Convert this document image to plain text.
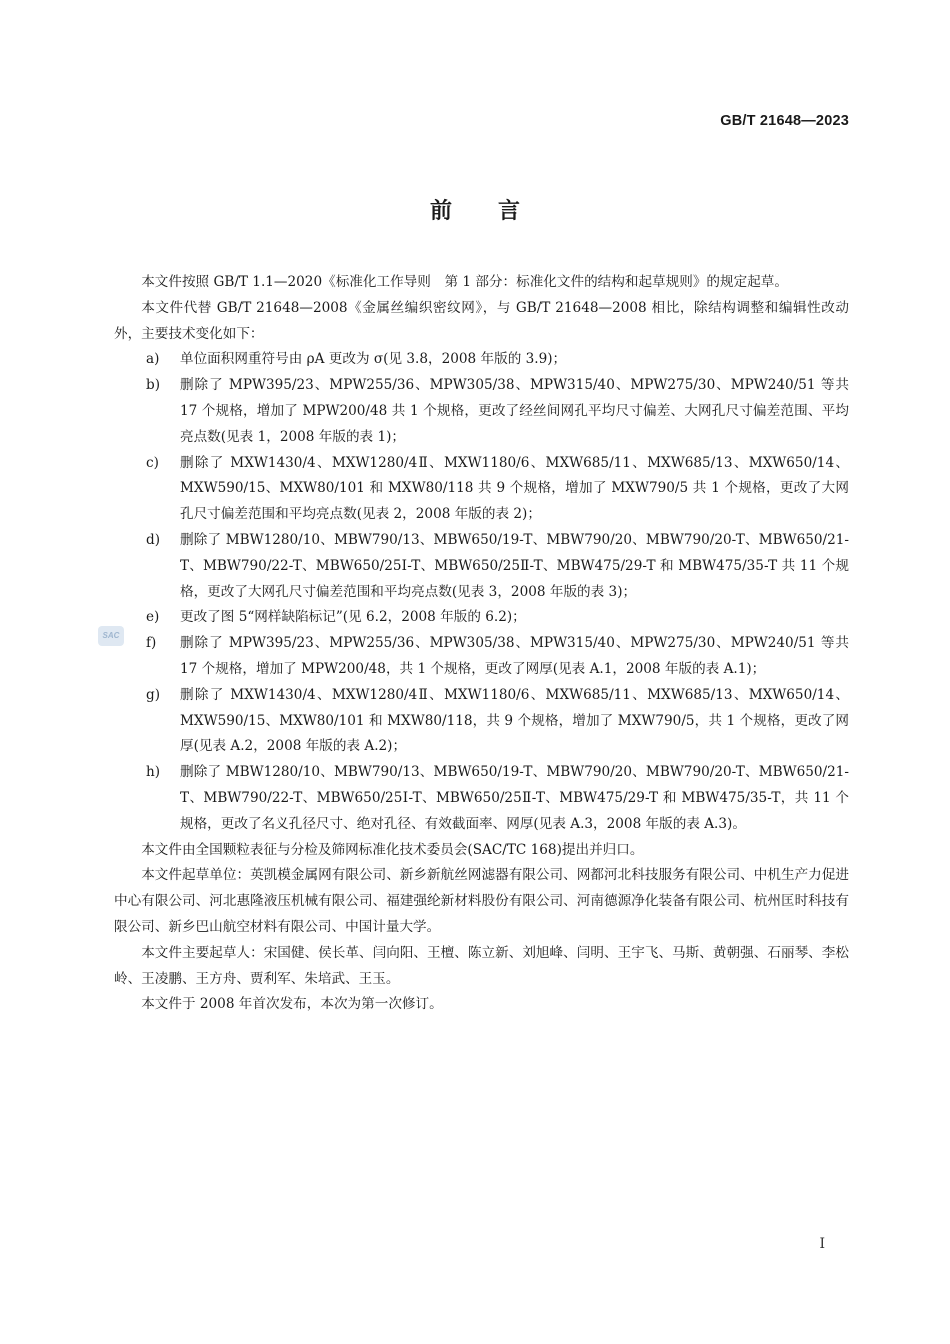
GB/T 21648—2023
前言
SAC

本文件按照 GB/T 1.1—2020《标准化工作导则　第 1 部分：标准化文件的结构和起草规则》的规定起草。

本文件代替 GB/T 21648—2008《金属丝编织密纹网》，与 GB/T 21648—2008 相比，除结构调整和编辑性改动外，主要技术变化如下：

a)	单位面积网重符号由 ρA 更改为 σ(见 3.8，2008 年版的 3.9)；
b)	删除了 MPW395/23、MPW255/36、MPW305/38、MPW315/40、MPW275/30、MPW240/51 等共 17 个规格，增加了 MPW200/48 共 1 个规格，更改了经丝间网孔平均尺寸偏差、大网孔尺寸偏差范围、平均亮点数(见表 1，2008 年版的表 1)；
c)	删除了 MXW1430/4、MXW1280/4Ⅱ、MXW1180/6、MXW685/11、MXW685/13、MXW650/14、MXW590/15、MXW80/101 和 MXW80/118 共 9 个规格，增加了 MXW790/5 共 1 个规格，更改了大网孔尺寸偏差范围和平均亮点数(见表 2，2008 年版的表 2)；
d)	删除了 MBW1280/10、MBW790/13、MBW650/19-T、MBW790/20、MBW790/20-T、MBW650/21-T、MBW790/22-T、MBW650/25Ⅰ-T、MBW650/25Ⅱ-T、MBW475/29-T 和 MBW475/35-T 共 11 个规格，更改了大网孔尺寸偏差范围和平均亮点数(见表 3，2008 年版的表 3)；
e)	更改了图 5“网样缺陷标记”(见 6.2，2008 年版的 6.2)；
f)	删除了 MPW395/23、MPW255/36、MPW305/38、MPW315/40、MPW275/30、MPW240/51 等共 17 个规格，增加了 MPW200/48，共 1 个规格，更改了网厚(见表 A.1，2008 年版的表 A.1)；
g)	删除了 MXW1430/4、MXW1280/4Ⅱ、MXW1180/6、MXW685/11、MXW685/13、MXW650/14、MXW590/15、MXW80/101 和 MXW80/118，共 9 个规格，增加了 MXW790/5，共 1 个规格，更改了网厚(见表 A.2，2008 年版的表 A.2)；
h)	删除了 MBW1280/10、MBW790/13、MBW650/19-T、MBW790/20、MBW790/20-T、MBW650/21-T、MBW790/22-T、MBW650/25Ⅰ-T、MBW650/25Ⅱ-T、MBW475/29-T 和 MBW475/35-T，共 11 个规格，更改了名义孔径尺寸、绝对孔径、有效截面率、网厚(见表 A.3，2008 年版的表 A.3)。

本文件由全国颗粒表征与分检及筛网标准化技术委员会(SAC/TC 168)提出并归口。

本文件起草单位：英凯模金属网有限公司、新乡新航丝网滤器有限公司、网都河北科技服务有限公司、中机生产力促进中心有限公司、河北惠隆液压机械有限公司、福建强纶新材料股份有限公司、河南德源净化装备有限公司、杭州匡时科技有限公司、新乡巴山航空材料有限公司、中国计量大学。

本文件主要起草人：宋国健、侯长革、闫向阳、王檀、陈立新、刘旭峰、闫明、王宇飞、马斯、黄朝强、石丽琴、李松岭、王凌鹏、王方舟、贾利军、朱培武、王玉。

本文件于 2008 年首次发布，本次为第一次修订。

I
